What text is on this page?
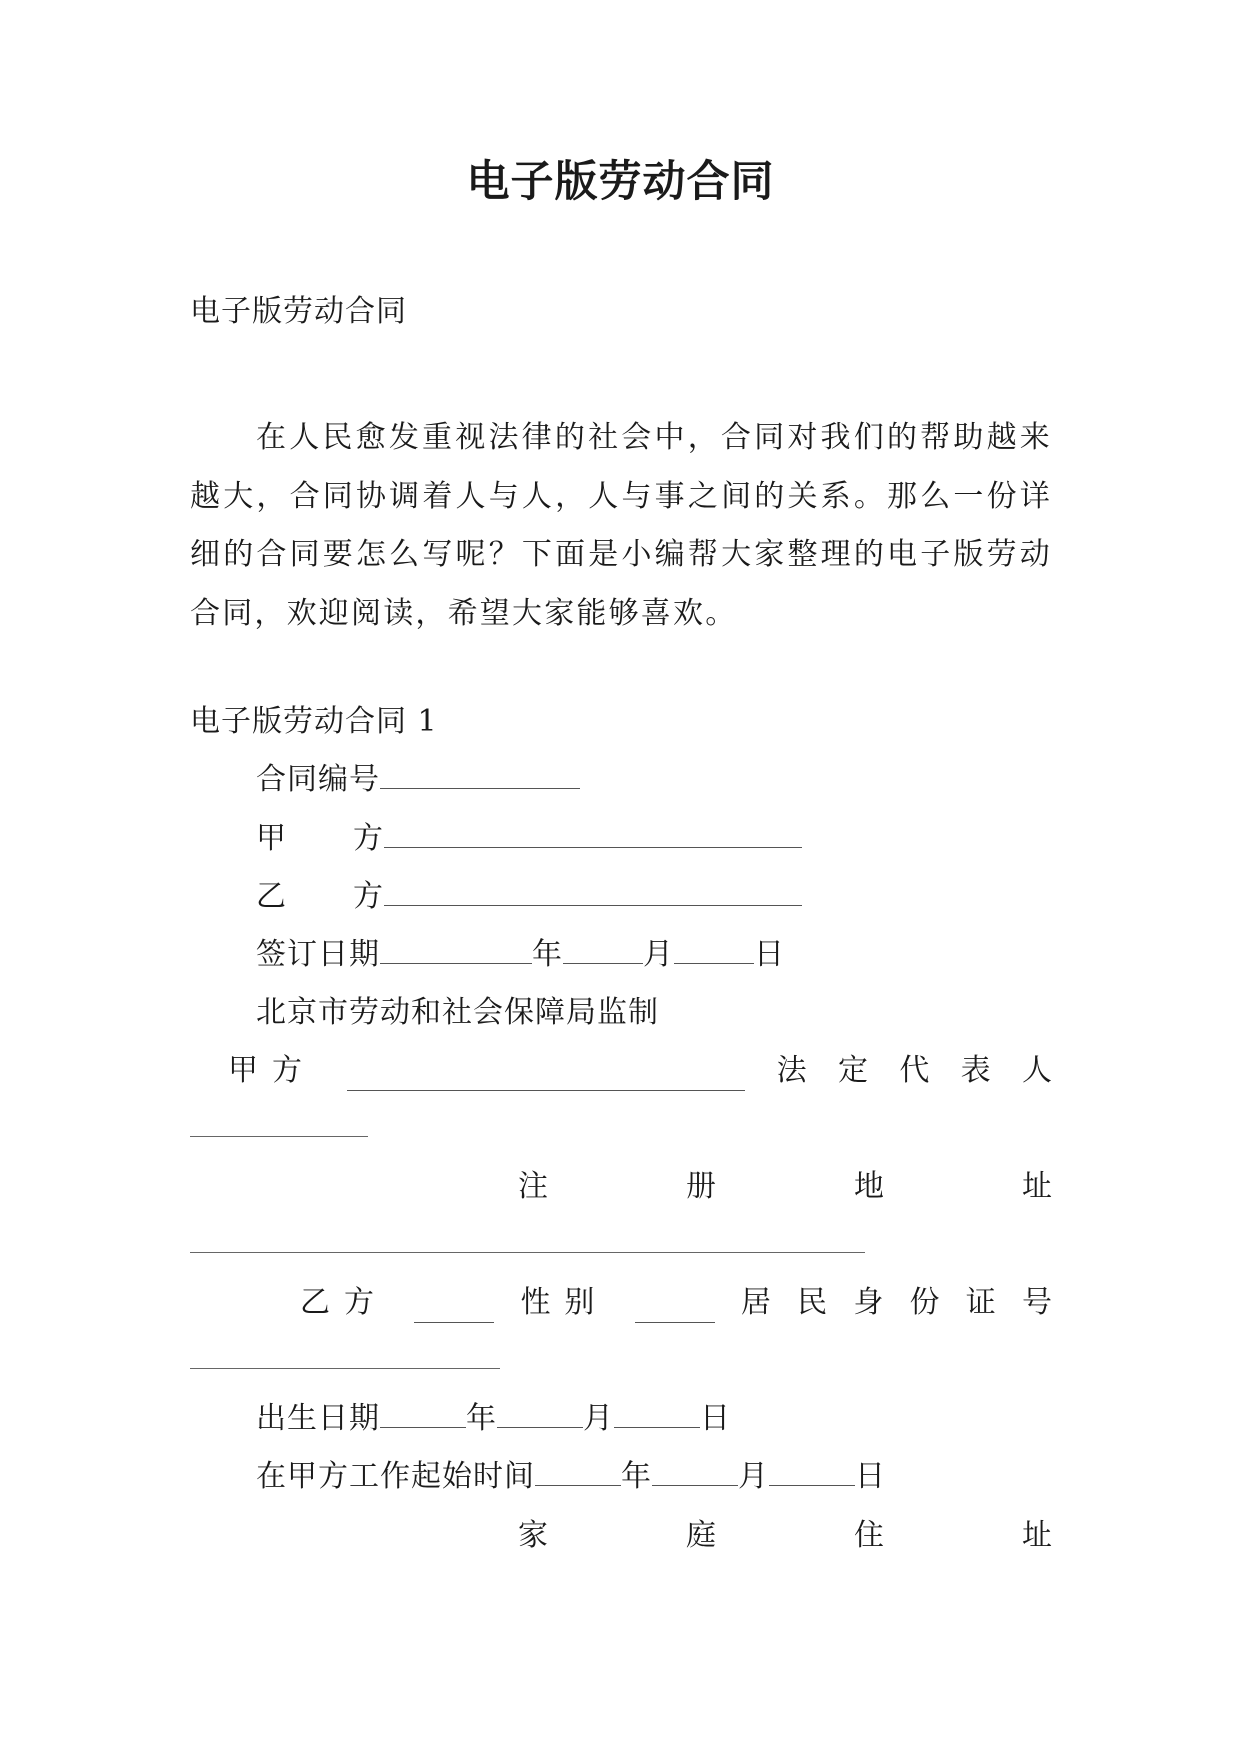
电子版劳动合同
电子版劳动合同

在人民愈发重视法律的社会中，合同对我们的帮助越来越大，合同协调着人与人，人与事之间的关系。那么一份详细的合同要怎么写呢？下面是小编帮大家整理的电子版劳动合同，欢迎阅读，希望大家能够喜欢。

电子版劳动合同 1
合同编号
甲 方
乙 方
签订日期	年	月	日
北京市劳动和社会保障局监制
甲方	法 定 代 表 人
注	册	地	址
乙方	性别	居 民 身 份 证 号
出生日期	年	月	日
在甲方工作起始时间	年	月	日
家	庭	住	址
